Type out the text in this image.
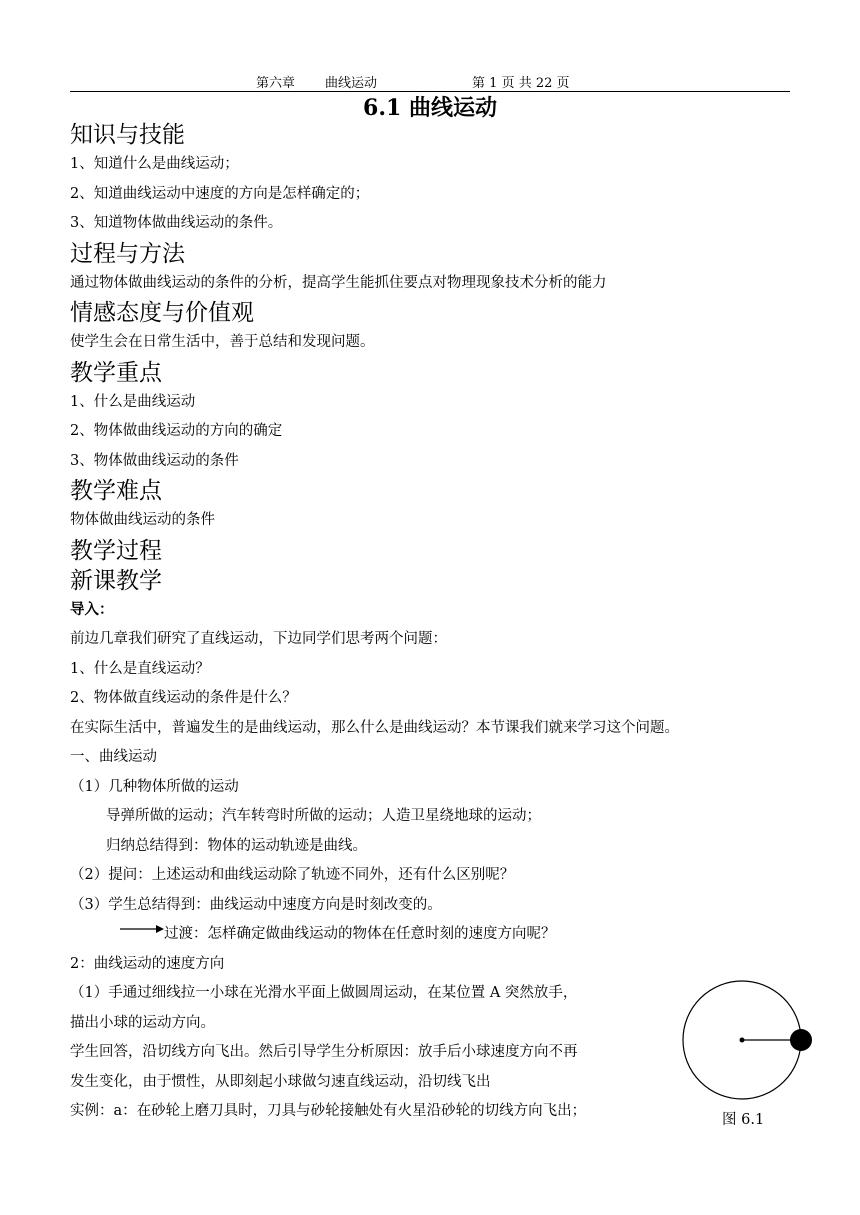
第六章 曲线运动	第 1 页 共 22 页
6.1 曲线运动
知识与技能
1、知道什么是曲线运动；
2、知道曲线运动中速度的方向是怎样确定的；
3、知道物体做曲线运动的条件。
过程与方法
通过物体做曲线运动的条件的分析，提高学生能抓住要点对物理现象技术分析的能力
情感态度与价值观
使学生会在日常生活中，善于总结和发现问题。
教学重点
1、什么是曲线运动
2、物体做曲线运动的方向的确定
3、物体做曲线运动的条件
教学难点
物体做曲线运动的条件
教学过程
新课教学
导入：
前边几章我们研究了直线运动，下边同学们思考两个问题：
1、什么是直线运动？
2、物体做直线运动的条件是什么？
在实际生活中，普遍发生的是曲线运动，那么什么是曲线运动？本节课我们就来学习这个问题。
一、曲线运动
（1）几种物体所做的运动
导弹所做的运动；汽车转弯时所做的运动；人造卫星绕地球的运动；
归纳总结得到：物体的运动轨迹是曲线。
（2）提问：上述运动和曲线运动除了轨迹不同外，还有什么区别呢？
（3）学生总结得到：曲线运动中速度方向是时刻改变的。
过渡：怎样确定做曲线运动的物体在任意时刻的速度方向呢？
2：曲线运动的速度方向
（1）手通过细线拉一小球在光滑水平面上做圆周运动，在某位置 A 突然放手，
描出小球的运动方向。
学生回答，沿切线方向飞出。然后引导学生分析原因：放手后小球速度方向不再
发生变化，由于惯性，从即刻起小球做匀速直线运动，沿切线飞出
实例：a：在砂轮上磨刀具时，刀具与砂轮接触处有火星沿砂轮的切线方向飞出；
图 6.1
